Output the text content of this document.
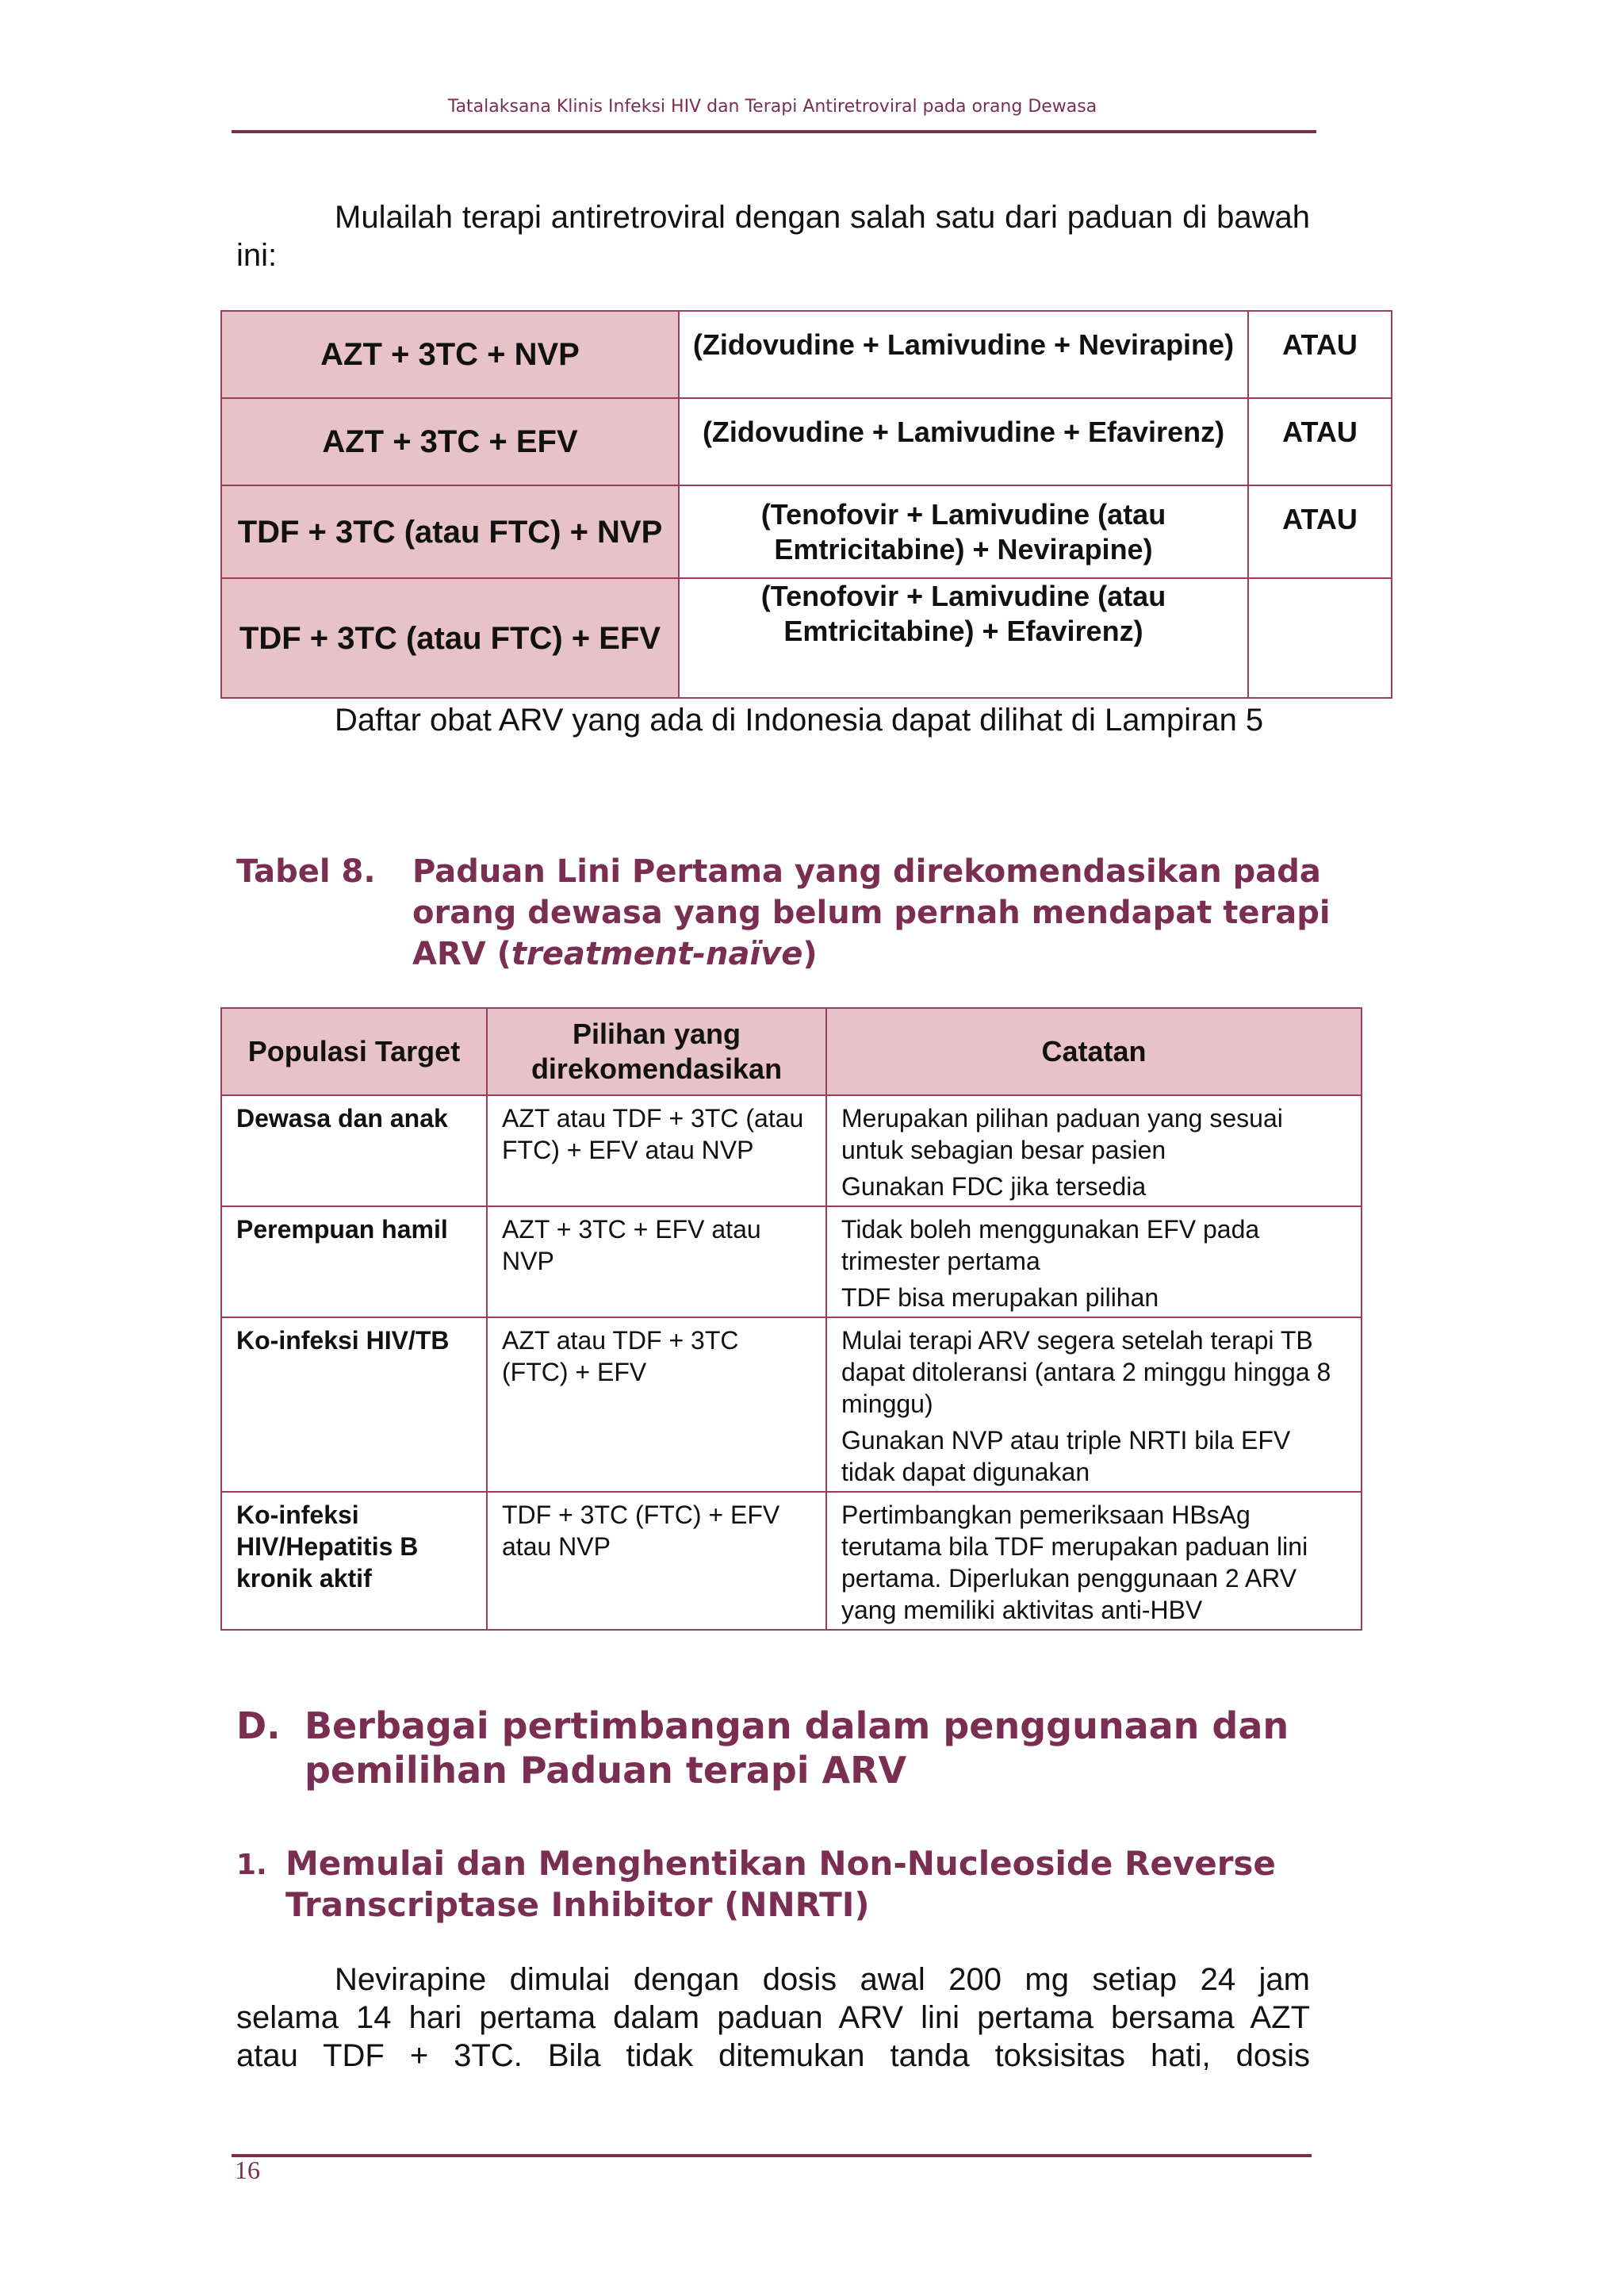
Tatalaksana Klinis Infeksi HIV dan Terapi Antiretroviral pada orang Dewasa
Mulailah terapi antiretroviral dengan salah satu dari paduan di bawah ini:
AZT + 3TC + NVP	(Zidovudine + Lamivudine + Nevirapine)	ATAU
AZT + 3TC + EFV	(Zidovudine + Lamivudine + Efavirenz)	ATAU
TDF + 3TC (atau FTC) + NVP	(Tenofovir + Lamivudine (atau Emtricitabine) + Nevirapine)	ATAU
TDF + 3TC (atau FTC) + EFV	(Tenofovir + Lamivudine (atau Emtricitabine) + Efavirenz)	
Daftar obat ARV yang ada di Indonesia dapat dilihat di Lampiran 5
Tabel 8. Paduan Lini Pertama yang direkomendasikan pada orang dewasa yang belum pernah mendapat terapi ARV (treatment-naïve)
Populasi Target	Pilihan yang direkomendasikan	Catatan
Dewasa dan anak	AZT atau TDF + 3TC (atau FTC) + EFV atau NVP	Merupakan pilihan paduan yang sesuai untuk sebagian besar pasien
Gunakan FDC jika tersedia

Perempuan hamil	AZT + 3TC + EFV atau NVP	Tidak boleh menggunakan EFV pada trimester pertama
TDF bisa merupakan pilihan

Ko-infeksi HIV/TB	AZT atau TDF + 3TC (FTC) + EFV	Mulai terapi ARV segera setelah terapi TB dapat ditoleransi (antara 2 minggu hingga 8 minggu)
Gunakan NVP atau triple NRTI bila EFV tidak dapat digunakan

Ko-infeksi HIV/Hepatitis B kronik aktif	TDF + 3TC (FTC) + EFV atau NVP	Pertimbangkan pemeriksaan HBsAg terutama bila TDF merupakan paduan lini pertama. Diperlukan penggunaan 2 ARV yang memiliki aktivitas anti-HBV
D. Berbagai pertimbangan dalam penggunaan dan pemilihan Paduan terapi ARV
1. Memulai dan Menghentikan Non-Nucleoside Reverse Transcriptase Inhibitor (NNRTI)
Nevirapine dimulai dengan dosis awal 200 mg setiap 24 jam
selama 14 hari pertama dalam paduan ARV lini pertama bersama AZT
atau TDF + 3TC. Bila tidak ditemukan tanda toksisitas hati, dosis
16
